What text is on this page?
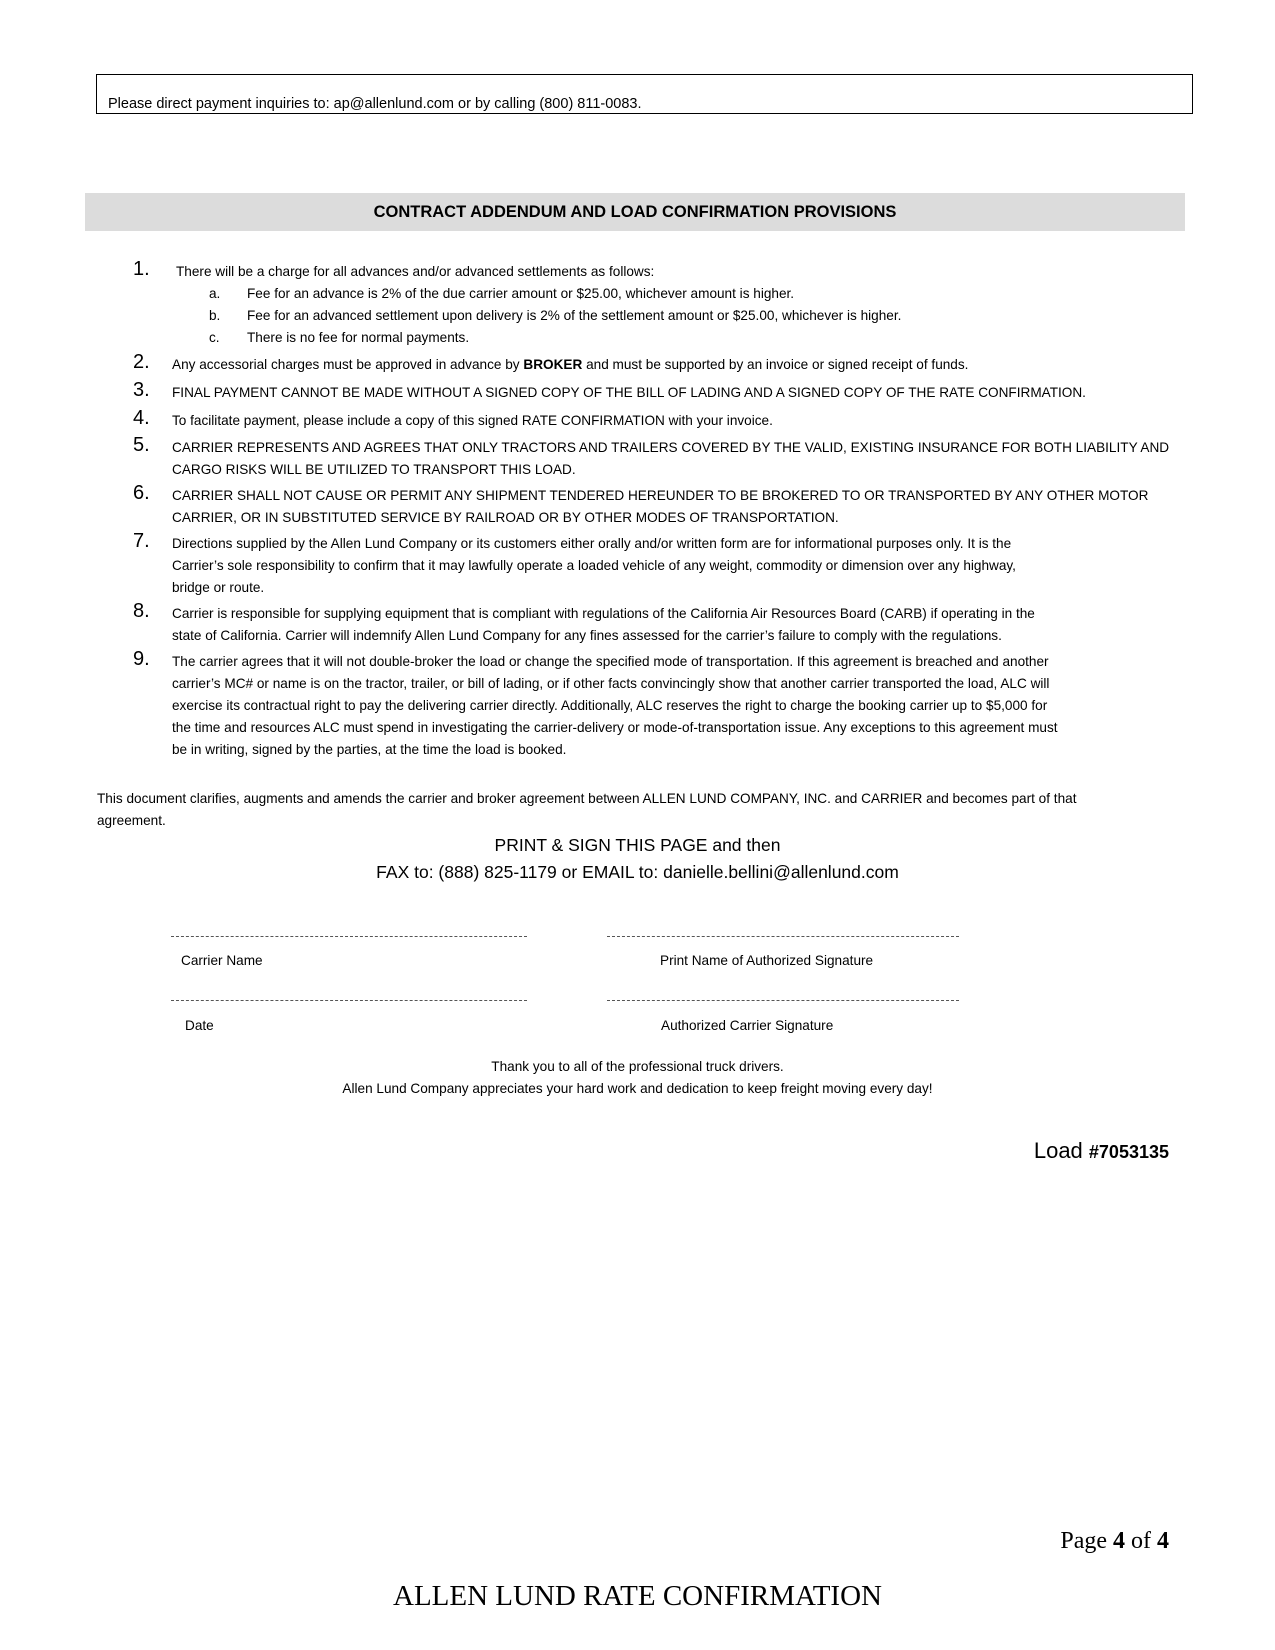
Please direct payment inquiries to: ap@allenlund.com or by calling (800) 811-0083.
CONTRACT ADDENDUM AND LOAD CONFIRMATION PROVISIONS
1. There will be a charge for all advances and/or advanced settlements as follows:
a. Fee for an advance is 2% of the due carrier amount or $25.00, whichever amount is higher.
b. Fee for an advanced settlement upon delivery is 2% of the settlement amount or $25.00, whichever is higher.
c. There is no fee for normal payments.
2. Any accessorial charges must be approved in advance by BROKER and must be supported by an invoice or signed receipt of funds.
3. FINAL PAYMENT CANNOT BE MADE WITHOUT A SIGNED COPY OF THE BILL OF LADING AND A SIGNED COPY OF THE RATE CONFIRMATION.
4. To facilitate payment, please include a copy of this signed RATE CONFIRMATION with your invoice.
5. CARRIER REPRESENTS AND AGREES THAT ONLY TRACTORS AND TRAILERS COVERED BY THE VALID, EXISTING INSURANCE FOR BOTH LIABILITY AND
CARGO RISKS WILL BE UTILIZED TO TRANSPORT THIS LOAD.
6. CARRIER SHALL NOT CAUSE OR PERMIT ANY SHIPMENT TENDERED HEREUNDER TO BE BROKERED TO OR TRANSPORTED BY ANY OTHER MOTOR
CARRIER, OR IN SUBSTITUTED SERVICE BY RAILROAD OR BY OTHER MODES OF TRANSPORTATION.
7. Directions supplied by the Allen Lund Company or its customers either orally and/or written form are for informational purposes only. It is the
Carrier’s sole responsibility to confirm that it may lawfully operate a loaded vehicle of any weight, commodity or dimension over any highway,
bridge or route.
8. Carrier is responsible for supplying equipment that is compliant with regulations of the California Air Resources Board (CARB) if operating in the
state of California. Carrier will indemnify Allen Lund Company for any fines assessed for the carrier’s failure to comply with the regulations.
9. The carrier agrees that it will not double-broker the load or change the specified mode of transportation. If this agreement is breached and another
carrier’s MC# or name is on the tractor, trailer, or bill of lading, or if other facts convincingly show that another carrier transported the load, ALC will
exercise its contractual right to pay the delivering carrier directly. Additionally, ALC reserves the right to charge the booking carrier up to $5,000 for
the time and resources ALC must spend in investigating the carrier-delivery or mode-of-transportation issue. Any exceptions to this agreement must
be in writing, signed by the parties, at the time the load is booked.
This document clarifies, augments and amends the carrier and broker agreement between ALLEN LUND COMPANY, INC. and CARRIER and becomes part of that
agreement.
PRINT & SIGN THIS PAGE and then
FAX to: (888) 825-1179 or EMAIL to: danielle.bellini@allenlund.com
Carrier Name	Print Name of Authorized Signature
Date	Authorized Carrier Signature
Thank you to all of the professional truck drivers.
Allen Lund Company appreciates your hard work and dedication to keep freight moving every day!
Load #7053135
Page 4 of 4
ALLEN LUND RATE CONFIRMATION
